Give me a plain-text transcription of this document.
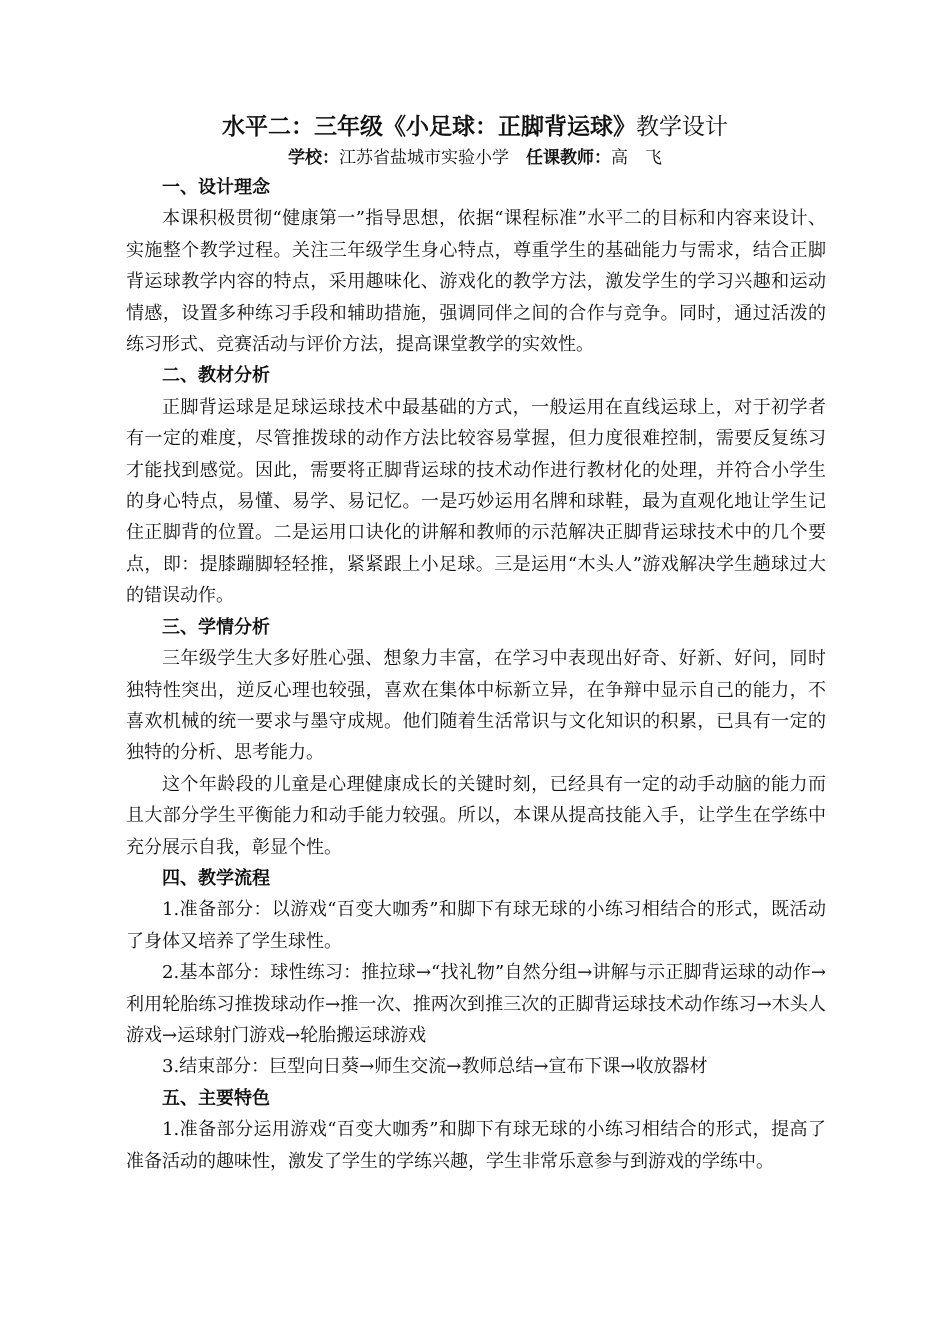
水平二：三年级《小足球：正脚背运球》教学设计
学校：江苏省盐城市实验小学　 任课教师：高　飞

一、设计理念

本课积极贯彻“健康第一”指导思想，依据“课程标准”水平二的目标和内容来设计、实施整个教学过程。关注三年级学生身心特点，尊重学生的基础能力与需求，结合正脚背运球教学内容的特点，采用趣味化、游戏化的教学方法，激发学生的学习兴趣和运动情感，设置多种练习手段和辅助措施，强调同伴之间的合作与竞争。同时，通过活泼的练习形式、竞赛活动与评价方法，提高课堂教学的实效性。

二、教材分析

正脚背运球是足球运球技术中最基础的方式，一般运用在直线运球上，对于初学者有一定的难度，尽管推拨球的动作方法比较容易掌握，但力度很难控制，需要反复练习才能找到感觉。因此，需要将正脚背运球的技术动作进行教材化的处理，并符合小学生的身心特点，易懂、易学、易记忆。一是巧妙运用名牌和球鞋，最为直观化地让学生记住正脚背的位置。二是运用口诀化的讲解和教师的示范解决正脚背运球技术中的几个要点，即：提膝蹦脚轻轻推，紧紧跟上小足球。三是运用“木头人”游戏解决学生趟球过大的错误动作。

三、学情分析

三年级学生大多好胜心强、想象力丰富，在学习中表现出好奇、好新、好问，同时独特性突出，逆反心理也较强，喜欢在集体中标新立异，在争辩中显示自己的能力，不喜欢机械的统一要求与墨守成规。他们随着生活常识与文化知识的积累，已具有一定的独特的分析、思考能力。

这个年龄段的儿童是心理健康成长的关键时刻，已经具有一定的动手动脑的能力而且大部分学生平衡能力和动手能力较强。所以，本课从提高技能入手，让学生在学练中充分展示自我，彰显个性。

四、教学流程

1.准备部分：以游戏“百变大咖秀”和脚下有球无球的小练习相结合的形式，既活动了身体又培养了学生球性。

2.基本部分：球性练习：推拉球→“找礼物”自然分组→讲解与示正脚背运球的动作→利用轮胎练习推拨球动作→推一次、推两次到推三次的正脚背运球技术动作练习→木头人游戏→运球射门游戏→轮胎搬运球游戏

3.结束部分：巨型向日葵→师生交流→教师总结→宣布下课→收放器材

五、主要特色

1.准备部分运用游戏“百变大咖秀”和脚下有球无球的小练习相结合的形式，提高了准备活动的趣味性，激发了学生的学练兴趣，学生非常乐意参与到游戏的学练中。
